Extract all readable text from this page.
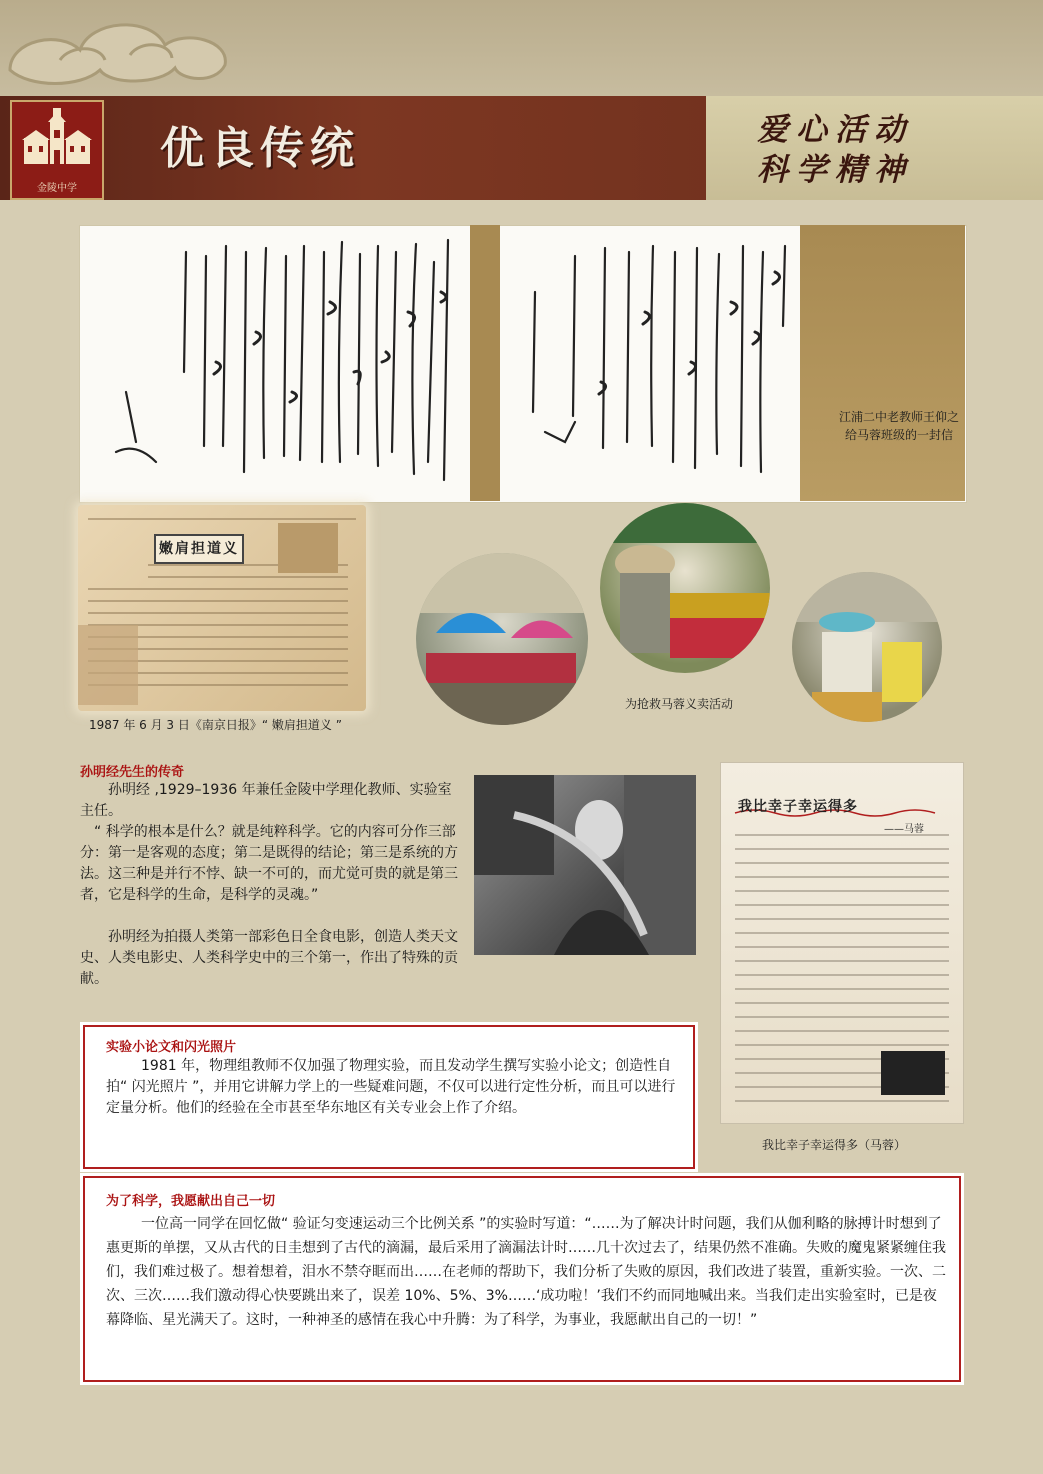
金陵中学
优良传统	爱心活动
科学精神
江浦二中老教师王仰之给马蓉班级的一封信
嫩肩担道义
1987 年 6 月 3 日《南京日报》“ 嫩肩担道义 ”
为抢救马蓉义卖活动
孙明经先生的传奇
孙明经 ,1929–1936 年兼任金陵中学理化教师、实验室主任。
“ 科学的根本是什么？就是纯粹科学。它的内容可分作三部分：第一是客观的态度；第二是既得的结论；第三是系统的方法。这三种是并行不悖、缺一不可的，而尤觉可贵的就是第三者，它是科学的生命，是科学的灵魂。”
孙明经为拍摄人类第一部彩色日全食电影，创造人类天文史、人类电影史、人类科学史中的三个第一，作出了特殊的贡献。
我比幸子幸运得多
——马蓉
我比幸子幸运得多（马蓉）
实验小论文和闪光照片
1981 年，物理组教师不仅加强了物理实验，而且发动学生撰写实验小论文；创造性自拍“ 闪光照片 ”，并用它讲解力学上的一些疑难问题，不仅可以进行定性分析，而且可以进行定量分析。他们的经验在全市甚至华东地区有关专业会上作了介绍。
为了科学，我愿献出自己一切
一位高一同学在回忆做“ 验证匀变速运动三个比例关系 ”的实验时写道：“……为了解决计时问题，我们从伽利略的脉搏计时想到了惠更斯的单摆，又从古代的日圭想到了古代的滴漏，最后采用了滴漏法计时……几十次过去了，结果仍然不准确。失败的魔鬼紧紧缠住我们，我们难过极了。想着想着，泪水不禁夺眶而出……在老师的帮助下，我们分析了失败的原因，我们改进了装置，重新实验。一次、二次、三次……我们激动得心快要跳出来了，误差 10%、5%、3%……‘成功啦！’我们不约而同地喊出来。当我们走出实验室时，已是夜幕降临、星光满天了。这时，一种神圣的感情在我心中升腾：为了科学，为事业，我愿献出自己的一切！”
